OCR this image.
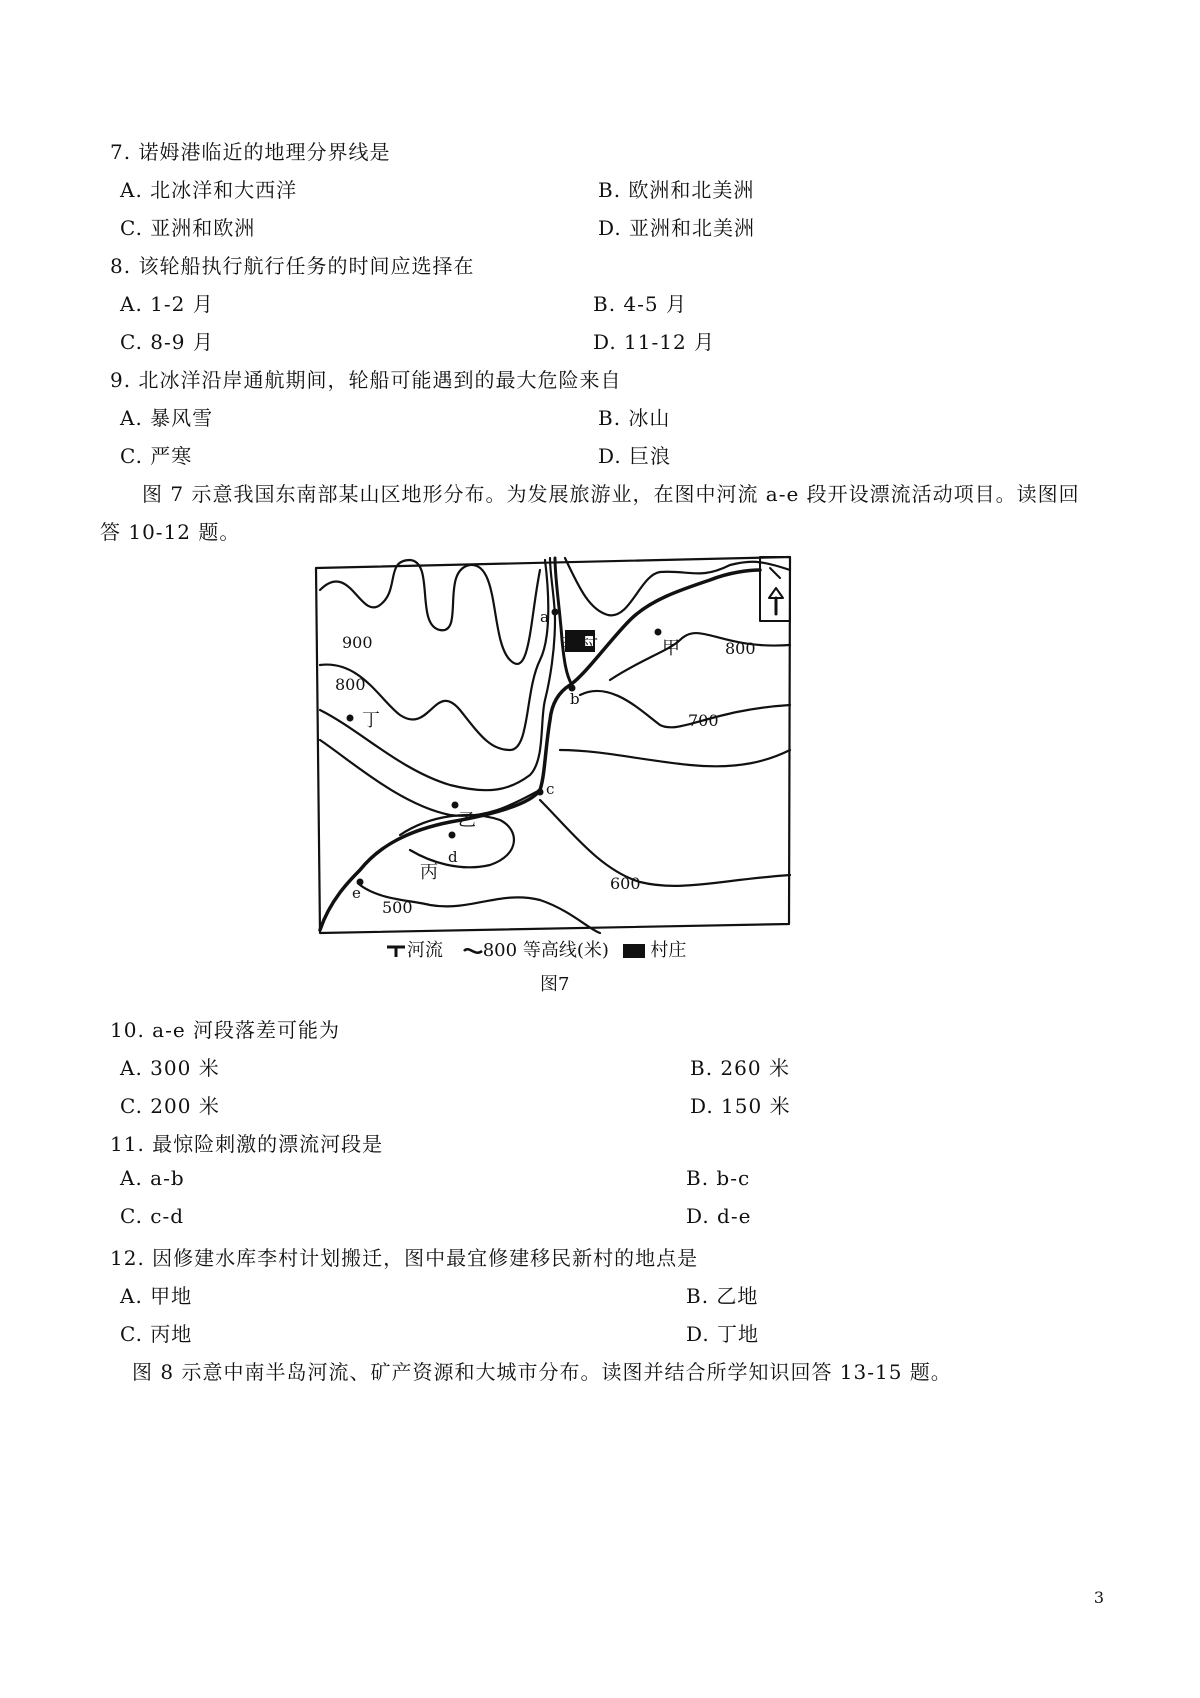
7. 诺姆港临近的地理分界线是
A. 北冰洋和大西洋	B. 欧洲和北美洲
C. 亚洲和欧洲	D. 亚洲和北美洲
8. 该轮船执行航行任务的时间应选择在
A. 1-2 月	B. 4-5 月
C. 8-9 月	D. 11-12 月
9. 北冰洋沿岸通航期间，轮船可能遇到的最大危险来自
A. 暴风雪	B. 冰山
C. 严寒	D. 巨浪
图 7 示意我国东南部某山区地形分布。为发展旅游业，在图中河流 a-e 段开设漂流活动项目。读图回
答 10-12 题。
900
800
800
700
600
500
a
b
c
d
e
甲
乙
丙
丁
李村
河流 800 等高线(米) 村庄
图7
10. a-e 河段落差可能为
A. 300 米	B. 260 米
C. 200 米	D. 150 米
11. 最惊险刺激的漂流河段是
A. a-b	B. b-c
C. c-d	D. d-e
12. 因修建水库李村计划搬迁，图中最宜修建移民新村的地点是
A. 甲地	B. 乙地
C. 丙地	D. 丁地
图 8 示意中南半岛河流、矿产资源和大城市分布。读图并结合所学知识回答 13-15 题。
3
